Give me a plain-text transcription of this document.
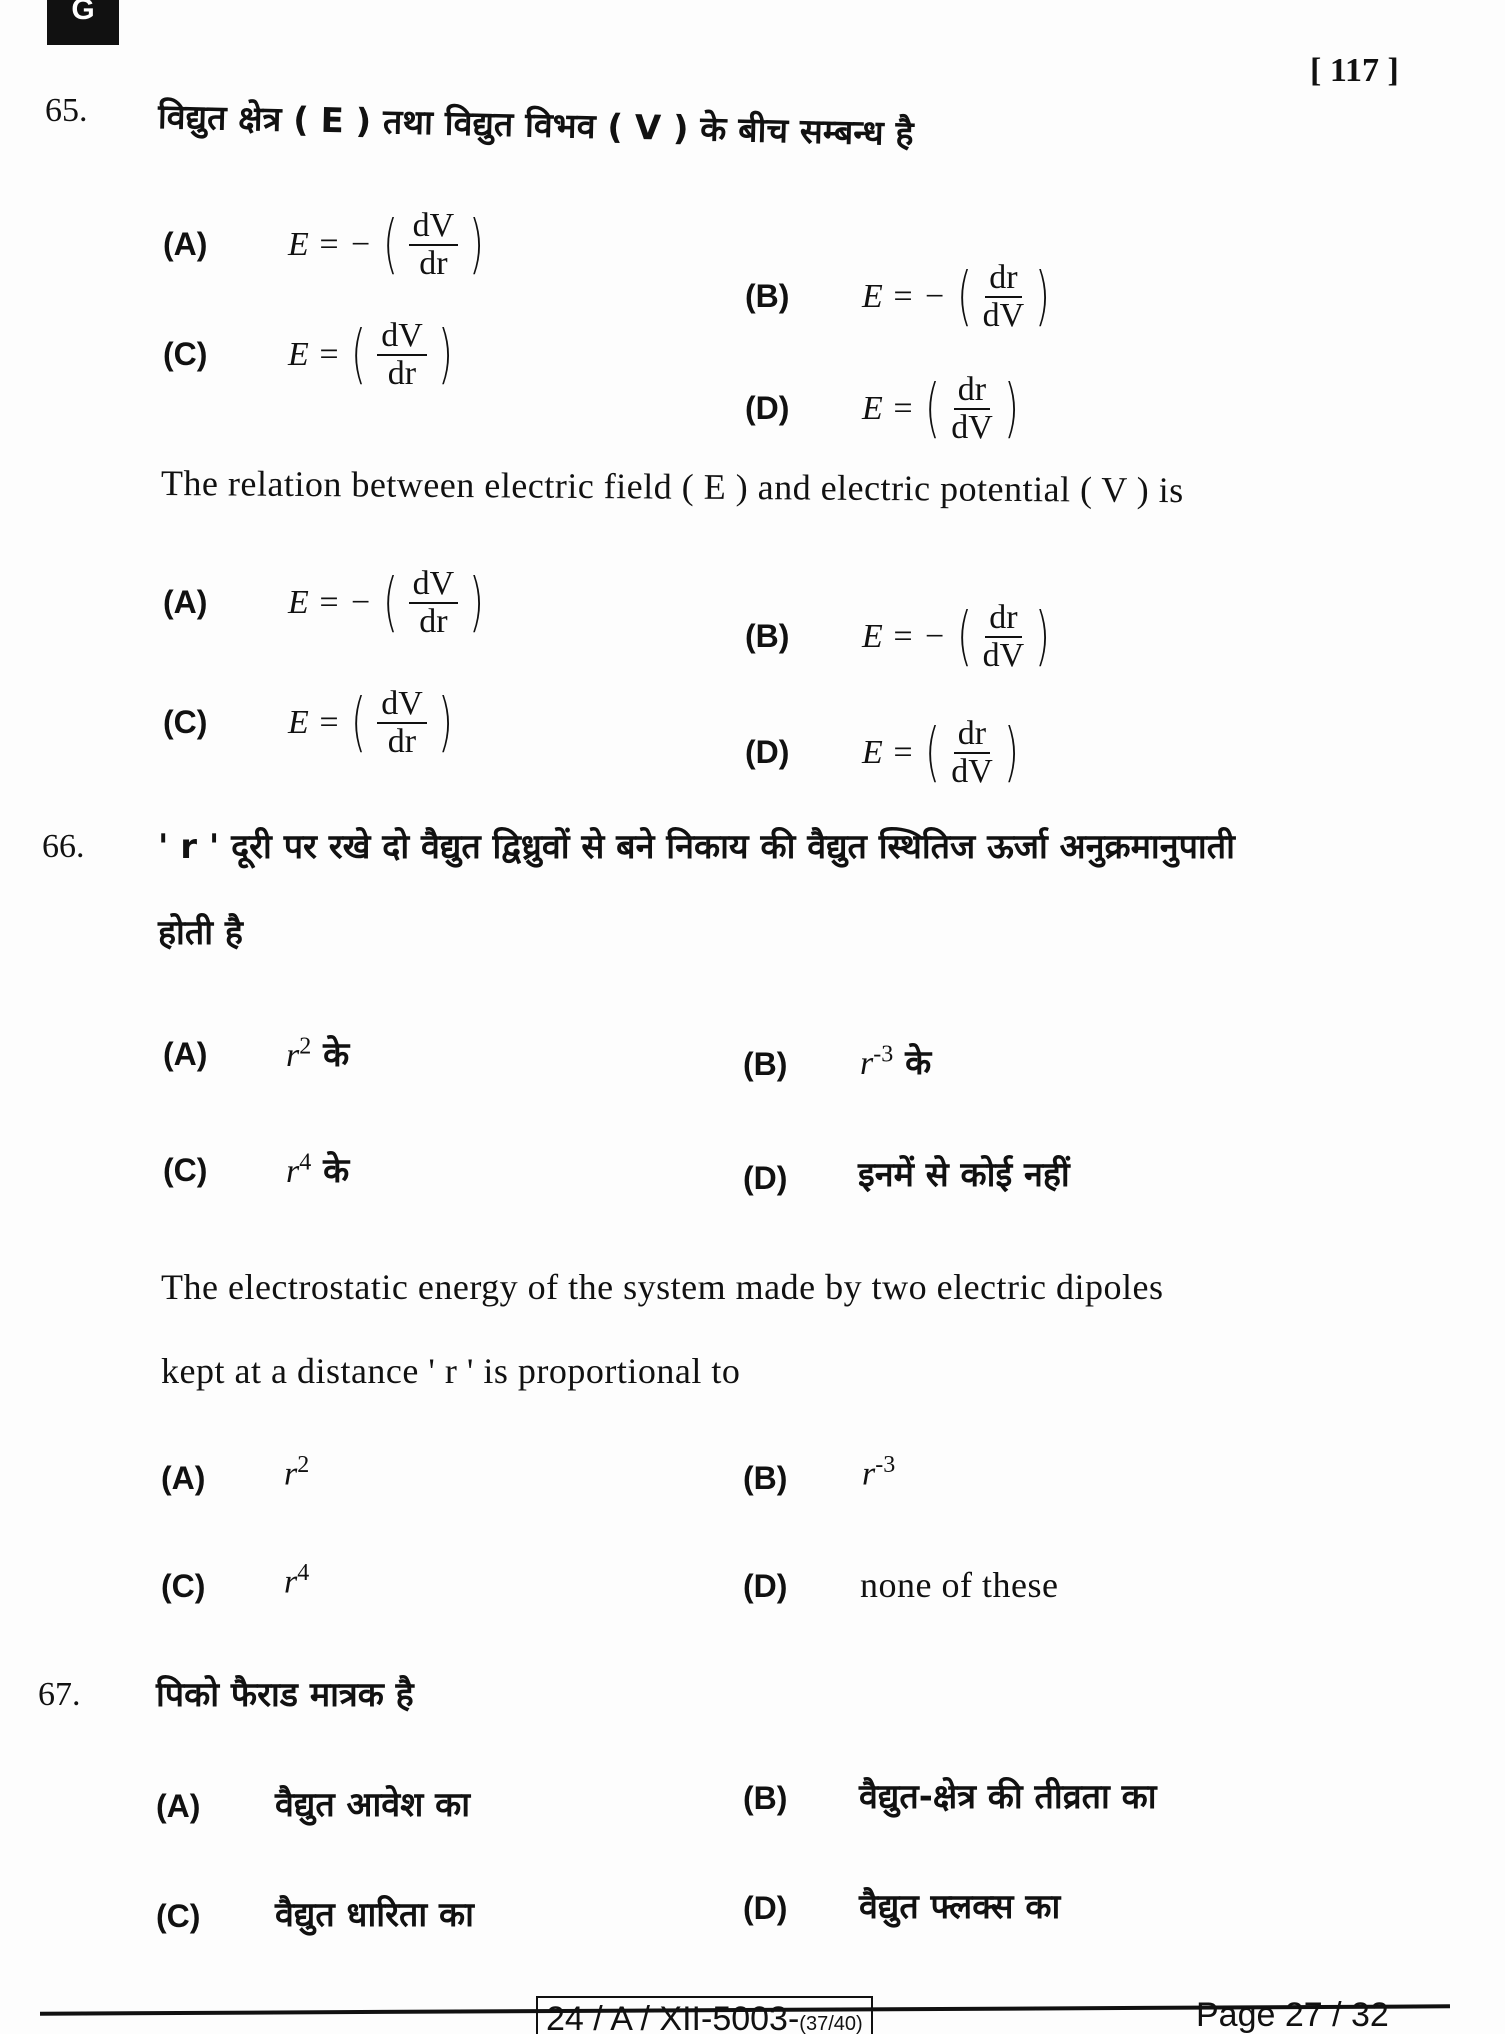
G
[ 117 ]
65. विद्युत क्षेत्र ( E ) तथा विद्युत विभव ( V ) के बीच सम्बन्ध है
(A) E = − ( $\frac{dV}{dr}$ )
(B) E = − ( $\frac{dr}{dV}$ )
(C) E = ( $\frac{dV}{dr}$ )
(D) E = ( $\frac{dr}{dV}$ )
The relation between electric field ( E ) and electric potential ( V ) is
(A) E = − ( $\frac{dV}{dr}$ )	(B) E = − ( $\frac{dr}{dV}$ )
(C) E = ( $\frac{dV}{dr}$ )	(D) E = ( $\frac{dr}{dV}$ )
66. ' r ' दूरी पर रखे दो वैद्युत द्विध्रुवों से बने निकाय की वैद्युत स्थितिज ऊर्जा अनुक्रमानुपाती
होती है
(A) $r^2$ के	(B) $r^{-3}$ के
(C) $r^4$ के	(D) इनमें से कोई नहीं
The electrostatic energy of the system made by two electric dipoles
kept at a distance ' r ' is proportional to
(A) $r^2$	(B) $r^{-3}$
(C) $r^4$	(D) none of these
67. पिको फैराड मात्रक है
(A) वैद्युत आवेश का	(B) वैद्युत-क्षेत्र की तीव्रता का
(C) वैद्युत धारिता का	(D) वैद्युत फ्लक्स का
24 / A / XII-5003-(37/40)	Page 27 / 32
